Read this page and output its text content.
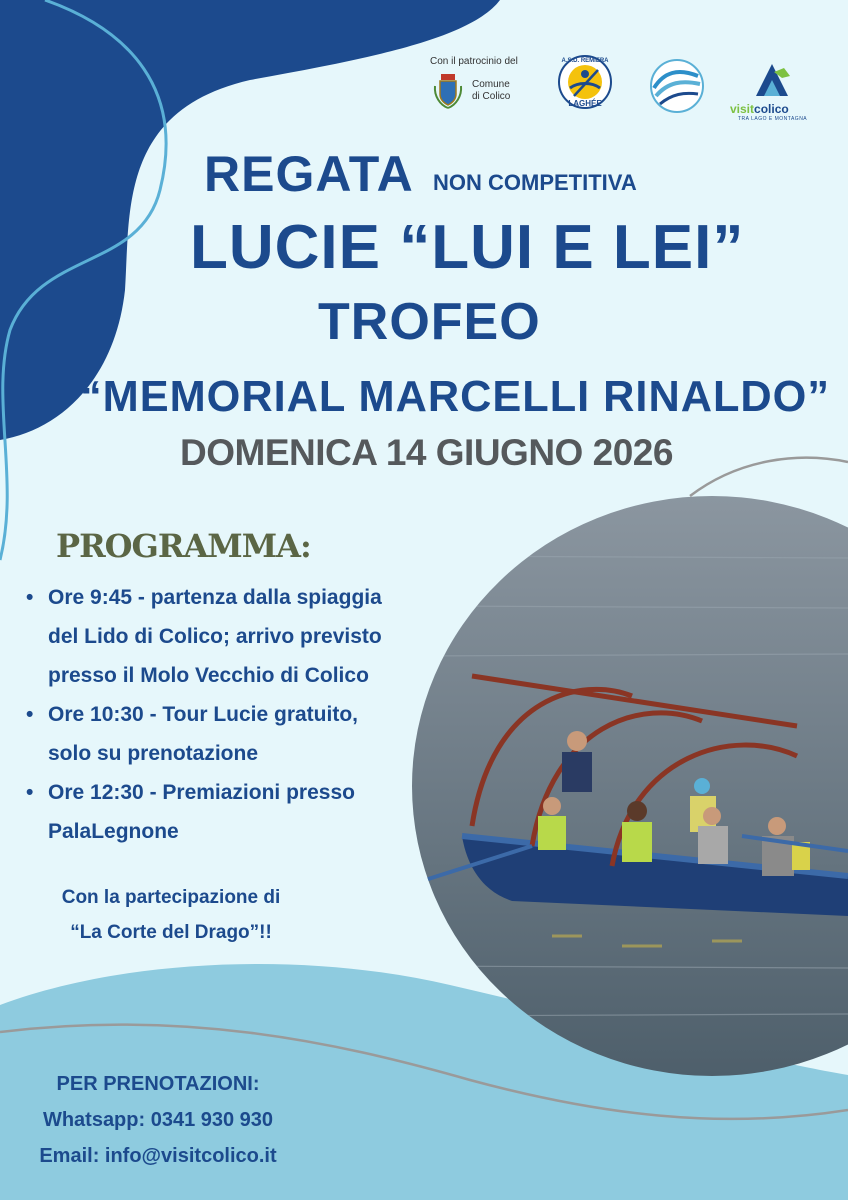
Con il patrocinio del
Comune
di Colico
A.S.D. REMIERA
LAGHÉE	visitcolico
TRA LAGO E MONTAGNA
REGATA NON COMPETITIVA
LUCIE “LUI E LEI”
TROFEO
“MEMORIAL MARCELLI RINALDO”
DOMENICA 14 GIUGNO 2026
PROGRAMMA:
• Ore 9:45 - partenza dalla spiaggia
del Lido di Colico; arrivo previsto
presso il Molo Vecchio di Colico
• Ore 10:30 - Tour Lucie gratuito,
solo su prenotazione
• Ore 12:30 - Premiazioni presso
PalaLegnone
Con la partecipazione di
“La Corte del Drago”!!
PER PRENOTAZIONI:
Whatsapp: 0341 930 930
Email: info@visitcolico.it
